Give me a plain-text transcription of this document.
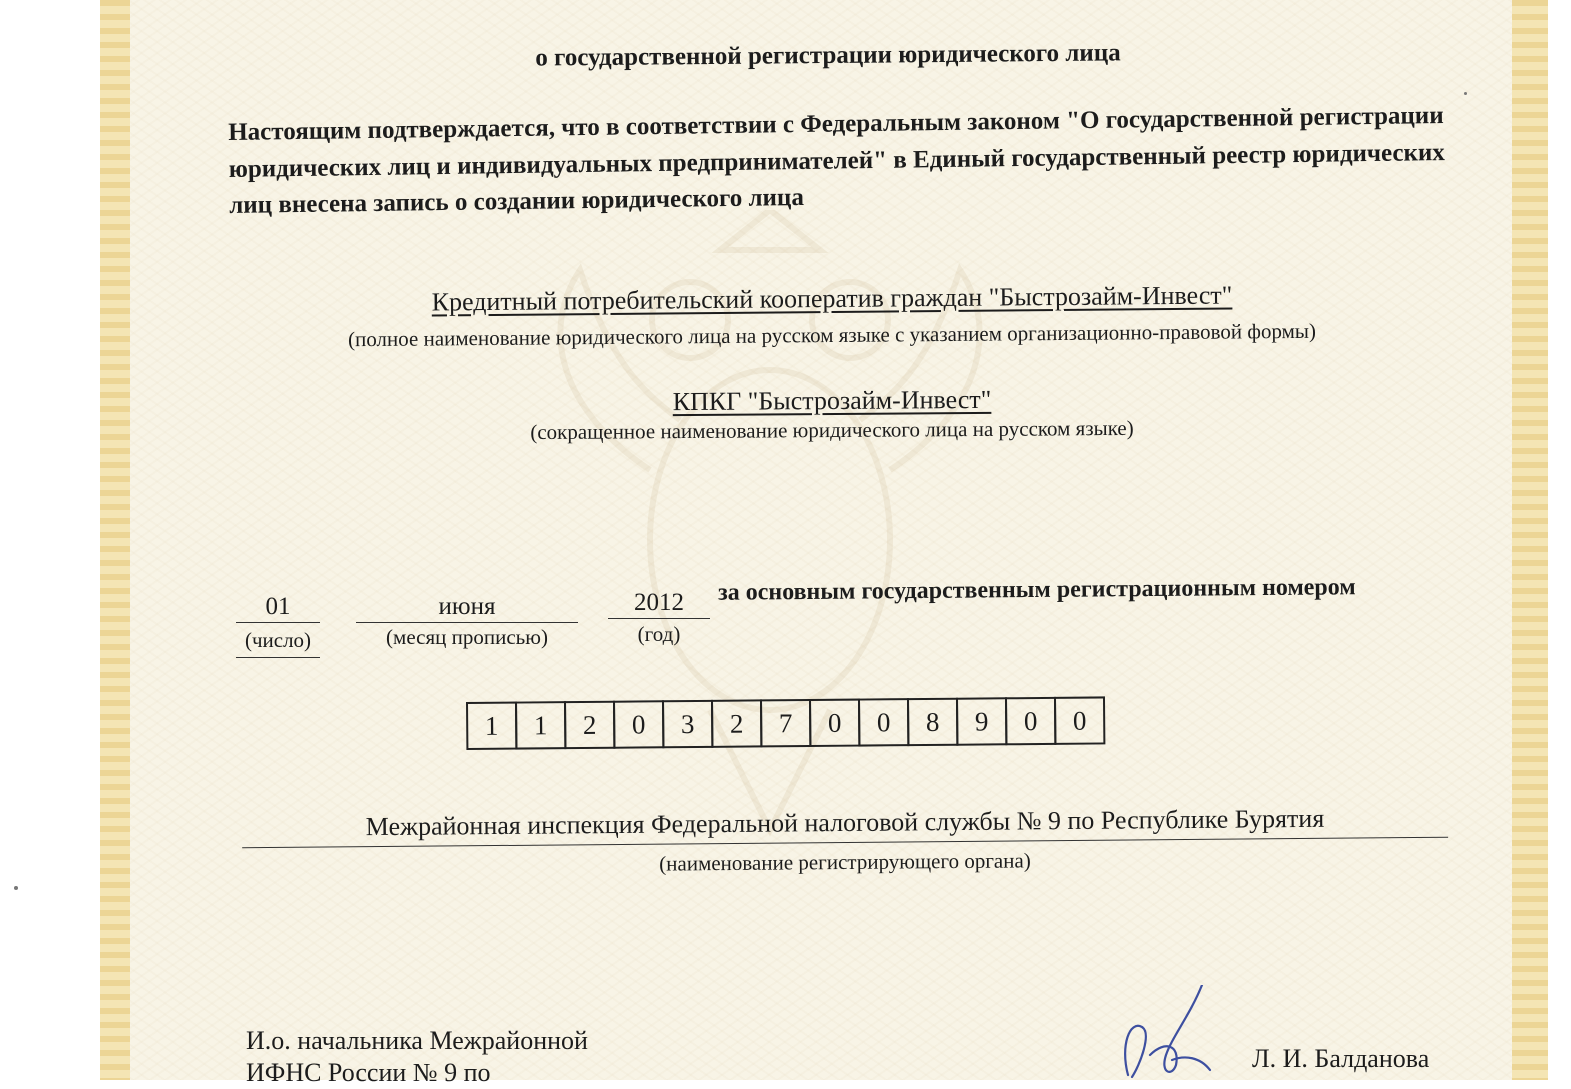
о государственной регистрации юридического лица
Настоящим подтверждается, что в соответствии с Федеральным законом "О государственной регистрации юридических лиц и индивидуальных предпринимателей" в Единый государственный реестр юридических лиц внесена запись о создании юридического лица
Кредитный потребительский кооператив граждан "Быстрозайм-Инвест"
(полное наименование юридического лица на русском языке с указанием организационно-правовой формы)
КПКГ "Быстрозайм-Инвест"
(сокращенное наименование юридического лица на русском языке)
01	июня	2012
(число)	(месяц прописью)	(год)
за основным государственным регистрационным номером
1	1	2	0	3	2	7	0	0	8	9	0	0
Межрайонная инспекция Федеральной налоговой службы № 9 по Республике Бурятия
(наименование регистрирующего органа)
И.о. начальника Межрайонной
ИФНС России № 9 по	Л. И. Балданова
